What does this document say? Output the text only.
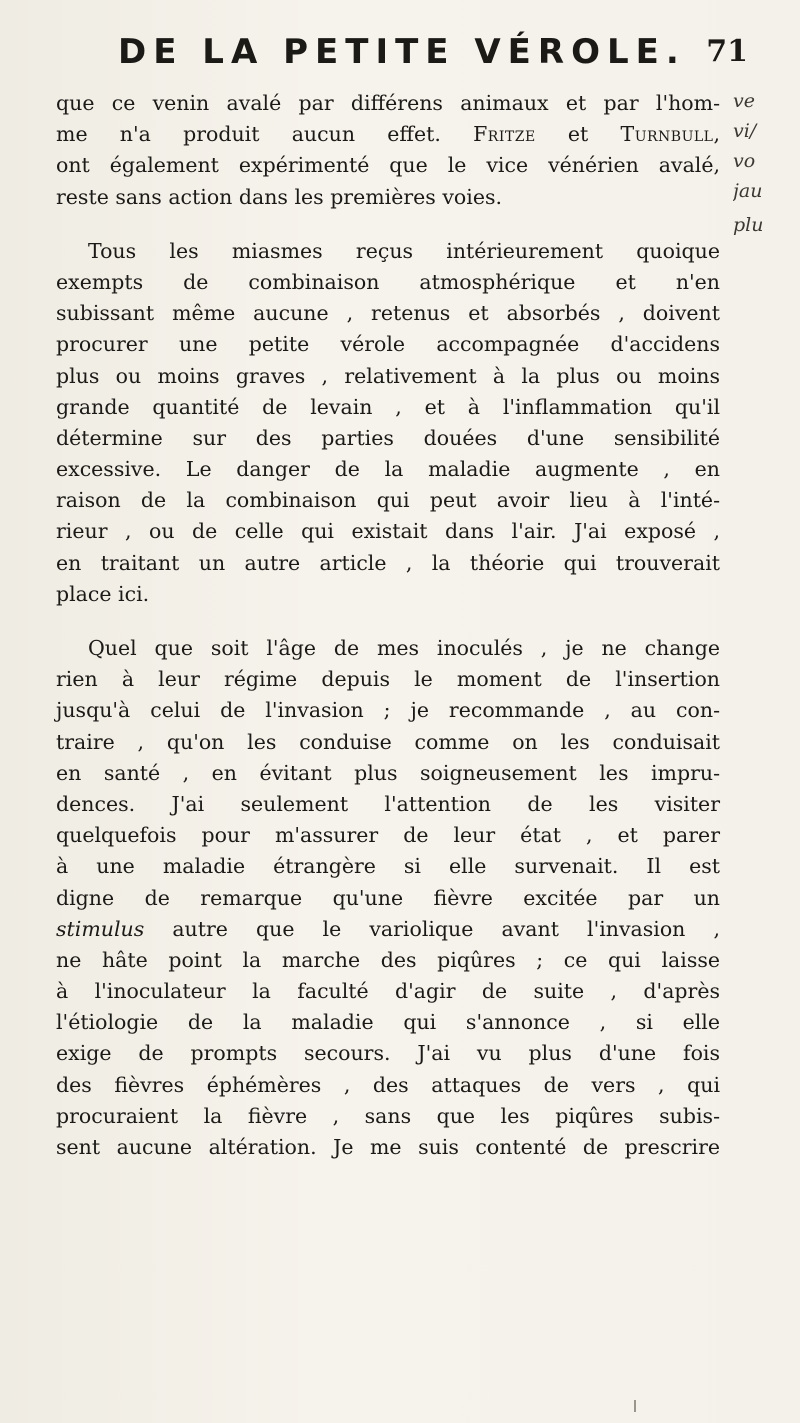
DE LA PETITE VÉROLE. 71
que ce venin avalé par différens animaux et par l'hom-
me n'a produit aucun effet. Fritze et Turnbull,
ont également expérimenté que le vice vénérien avalé,
reste sans action dans les premières voies.
Tous les miasmes reçus intérieurement quoique
exempts de combinaison atmosphérique et n'en
subissant même aucune , retenus et absorbés , doivent
procurer une petite vérole accompagnée d'accidens
plus ou moins graves , relativement à la plus ou moins
grande quantité de levain , et à l'inflammation qu'il
détermine sur des parties douées d'une sensibilité
excessive. Le danger de la maladie augmente , en
raison de la combinaison qui peut avoir lieu à l'inté-
rieur , ou de celle qui existait dans l'air. J'ai exposé ,
en traitant un autre article , la théorie qui trouverait
place ici.
Quel que soit l'âge de mes inoculés , je ne change
rien à leur régime depuis le moment de l'insertion
jusqu'à celui de l'invasion ; je recommande , au con-
traire , qu'on les conduise comme on les conduisait
en santé , en évitant plus soigneusement les impru-
dences. J'ai seulement l'attention de les visiter
quelquefois pour m'assurer de leur état , et parer
à une maladie étrangère si elle survenait. Il est
digne de remarque qu'une fièvre excitée par un
stimulus autre que le variolique avant l'invasion ,
ne hâte point la marche des piqûres ; ce qui laisse
à l'inoculateur la faculté d'agir de suite , d'après
l'étiologie de la maladie qui s'annonce , si elle
exige de prompts secours. J'ai vu plus d'une fois
des fièvres éphémères , des attaques de vers , qui
procuraient la fièvre , sans que les piqûres subis-
sent aucune altération. Je me suis contenté de prescrire
ve
vi/
vo
jau
plu
